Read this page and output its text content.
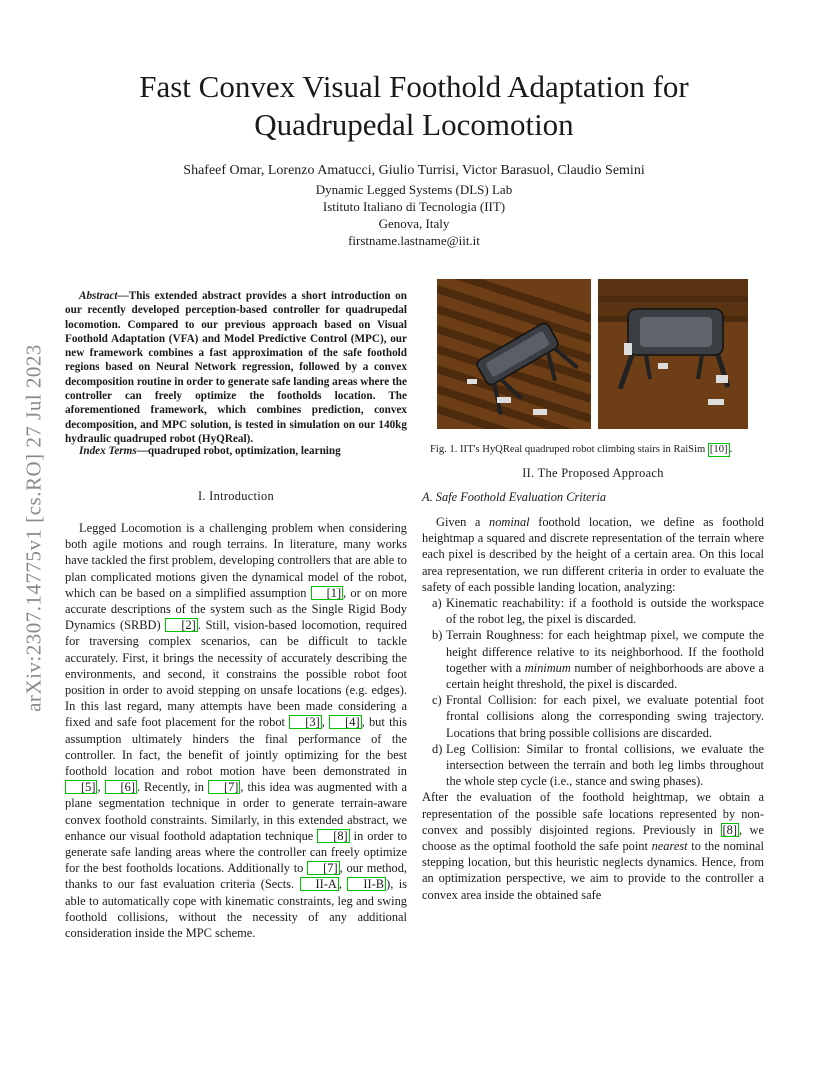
Fast Convex Visual Foothold Adaptation for
Quadrupedal Locomotion
Shafeef Omar, Lorenzo Amatucci, Giulio Turrisi, Victor Barasuol, Claudio Semini
Dynamic Legged Systems (DLS) Lab
Istituto Italiano di Tecnologia (IIT)
Genova, Italy
firstname.lastname@iit.it
arXiv:2307.14775v1 [cs.RO] 27 Jul 2023

Abstract—This extended abstract provides a short introduction on our recently developed perception-based controller for quadrupedal locomotion. Compared to our previous approach based on Visual Foothold Adaptation (VFA) and Model Predictive Control (MPC), our new framework combines a fast approximation of the safe foothold regions based on Neural Network regression, followed by a convex decomposition routine in order to generate safe landing areas where the controller can freely optimize the footholds location. The aforementioned framework, which combines prediction, convex decomposition, and MPC solution, is tested in simulation on our 140kg hydraulic quadruped robot (HyQReal).

Index Terms—quadruped robot, optimization, learning

I. Introduction

Legged Locomotion is a challenging problem when considering both agile motions and rough terrains. In literature, many works have tackled the first problem, developing controllers that are able to plan complicated motions given the dynamical model of the robot, which can be based on a simplified assumption [1] , or on more accurate descriptions of the system such as the Single Rigid Body Dynamics (SRBD) [2] . Still, vision-based locomotion, required for traversing complex scenarios, can be difficult to tackle accurately. First, it brings the necessity of accurately describing the environments, and second, it constrains the possible robot foot position in order to avoid stepping on unsafe locations (e.g. edges). In this last regard, many attempts have been made considering a fixed and safe foot placement for the robot [3] , [4] , but this assumption ultimately hinders the final performance of the controller. In fact, the benefit of jointly optimizing for the best foothold location and robot motion have been demonstrated in [5] , [6] . Recently, in [7] , this idea was augmented with a plane segmentation technique in order to generate terrain-aware convex foothold constraints. Similarly, in this extended abstract, we enhance our visual foothold adaptation technique [8] in order to generate safe landing areas where the controller can freely optimize for the best footholds locations. Additionally to [7] , our method, thanks to our fast evaluation criteria (Sects. II-A , II-B ), is able to automatically cope with kinematic constraints, leg and swing foothold collisions, without the necessity of any additional consideration inside the MPC scheme.

Fig. 1. IIT's HyQReal quadruped robot climbing stairs in RaiSim [10] .
II. The Proposed Approach
A. Safe Foothold Evaluation Criteria

Given a nominal foothold location, we define as foothold heightmap a squared and discrete representation of the terrain where each pixel is described by the height of a certain area. On this local area representation, we run different criteria in order to evaluate the safety of each possible landing location, analyzing:

a) Kinematic reachability: if a foothold is outside the workspace of the robot leg, the pixel is discarded.
b) Terrain Roughness: for each heightmap pixel, we compute the height difference relative to its neighborhood. If the foothold together with a minimum number of neighborhoods are above a certain height threshold, the pixel is discarded.
c) Frontal Collision: for each pixel, we evaluate potential foot frontal collisions along the corresponding swing trajectory. Locations that bring possible collisions are discarded.
d) Leg Collision: Similar to frontal collisions, we evaluate the intersection between the terrain and both leg limbs throughout the whole step cycle (i.e., stance and swing phases).

After the evaluation of the foothold heightmap, we obtain a representation of the possible safe locations represented by non-convex and possibly disjointed regions. Previously in [8] , we choose as the optimal foothold the safe point nearest to the nominal stepping location, but this heuristic neglects dynamics. Hence, from an optimization perspective, we aim to provide to the controller a convex area inside the obtained safe
